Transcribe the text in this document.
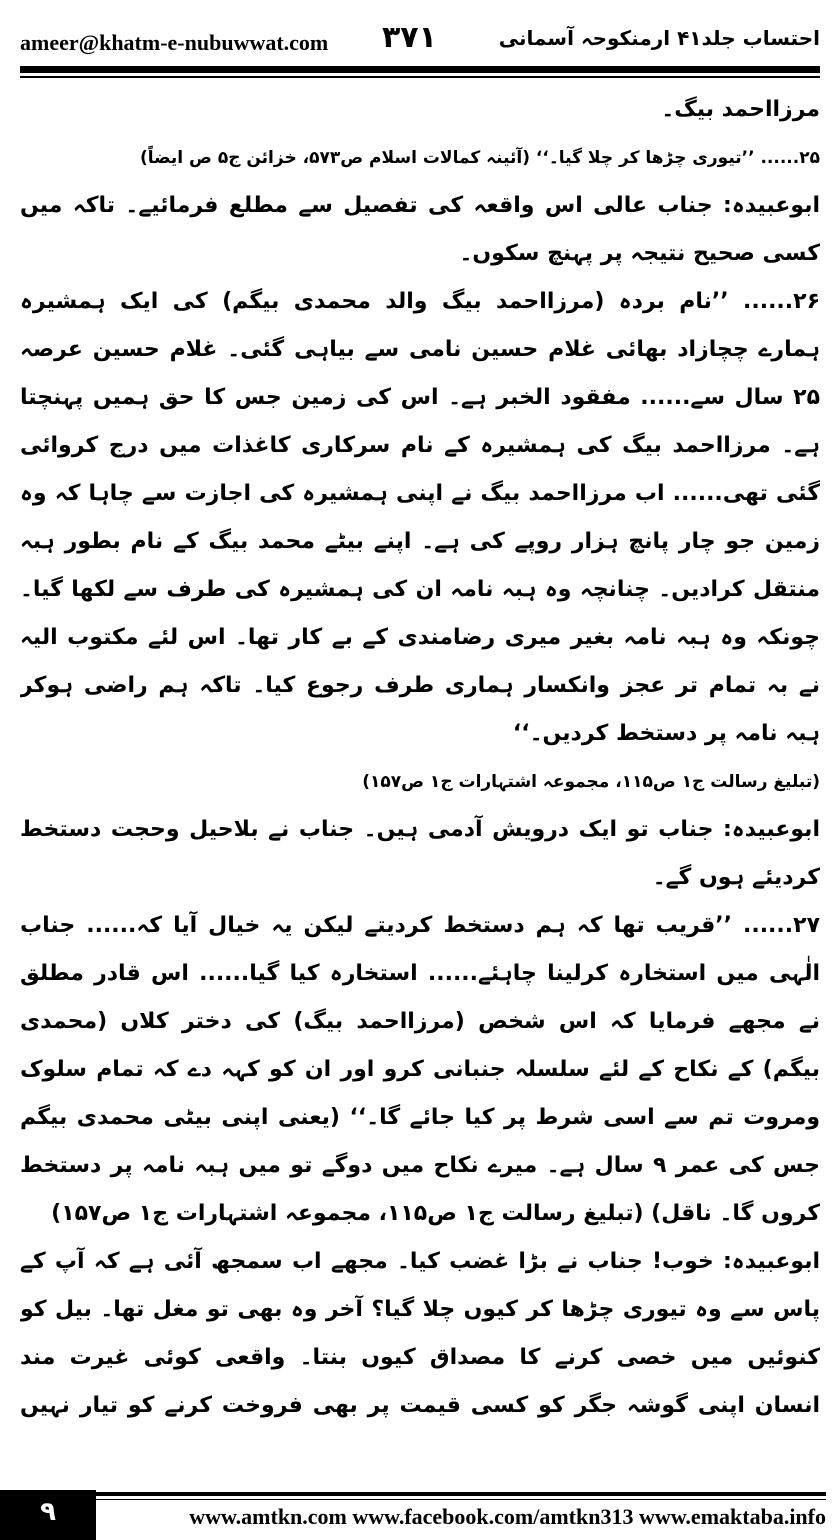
ameer@khatm-e-nubuwwat.com ۳۷۱	احتساب جلد۴۱ ارمنکوحہ آسمانی

مرزااحمد بیگ۔

۲۵...... ’’تیوری چڑھا کر چلا گیا۔‘‘ (آئینہ کمالات اسلام ص۵۷۳، خزائن ج۵ ص ایضاً)

ابوعبیدہ: جناب عالی اس واقعہ کی تفصیل سے مطلع فرمائیے۔ تاکہ میں کسی صحیح نتیجہ پر پہنچ سکوں۔

۲۶...... ’’نام بردہ (مرزااحمد بیگ والد محمدی بیگم) کی ایک ہمشیرہ ہمارے چچازاد بھائی غلام حسین نامی سے بیاہی گئی۔ غلام حسین عرصہ ۲۵ سال سے...... مفقود الخبر ہے۔ اس کی زمین جس کا حق ہمیں پہنچتا ہے۔ مرزااحمد بیگ کی ہمشیرہ کے نام سرکاری کاغذات میں درج کروائی گئی تھی...... اب مرزااحمد بیگ نے اپنی ہمشیرہ کی اجازت سے چاہا کہ وہ زمین جو چار پانچ ہزار روپے کی ہے۔ اپنے بیٹے محمد بیگ کے نام بطور ہبہ منتقل کرادیں۔ چنانچہ وہ ہبہ نامہ ان کی ہمشیرہ کی طرف سے لکھا گیا۔ چونکہ وہ ہبہ نامہ بغیر میری رضامندی کے بے کار تھا۔ اس لئے مکتوب الیہ نے بہ تمام تر عجز وانکسار ہماری طرف رجوع کیا۔ تاکہ ہم راضی ہوکر ہبہ نامہ پر دستخط کردیں۔‘‘

(تبلیغ رسالت ج۱ ص۱۱۵، مجموعہ اشتہارات ج۱ ص۱۵۷)

ابوعبیدہ: جناب تو ایک درویش آدمی ہیں۔ جناب نے بلاحیل وحجت دستخط کردیئے ہوں گے۔

۲۷...... ’’قریب تھا کہ ہم دستخط کردیتے لیکن یہ خیال آیا کہ...... جناب الٰہی میں استخارہ کرلینا چاہئے...... استخارہ کیا گیا...... اس قادر مطلق نے مجھے فرمایا کہ اس شخص (مرزااحمد بیگ) کی دختر کلاں (محمدی بیگم) کے نکاح کے لئے سلسلہ جنبانی کرو اور ان کو کہہ دے کہ تمام سلوک ومروت تم سے اسی شرط پر کیا جائے گا۔‘‘ (یعنی اپنی بیٹی محمدی بیگم جس کی عمر ۹ سال ہے۔ میرے نکاح میں دوگے تو میں ہبہ نامہ پر دستخط کروں گا۔ ناقل) (تبلیغ رسالت ج۱ ص۱۱۵، مجموعہ اشتہارات ج۱ ص۱۵۷)

ابوعبیدہ: خوب! جناب نے بڑا غضب کیا۔ مجھے اب سمجھ آئی ہے کہ آپ کے پاس سے وہ تیوری چڑھا کر کیوں چلا گیا؟ آخر وہ بھی تو مغل تھا۔ بیل کو کنوئیں میں خصی کرنے کا مصداق کیوں بنتا۔ واقعی کوئی غیرت مند انسان اپنی گوشہ جگر کو کسی قیمت پر بھی فروخت کرنے کو تیار نہیں

۹	www.amtkn.com www.facebook.com/amtkn313 www.emaktaba.info
